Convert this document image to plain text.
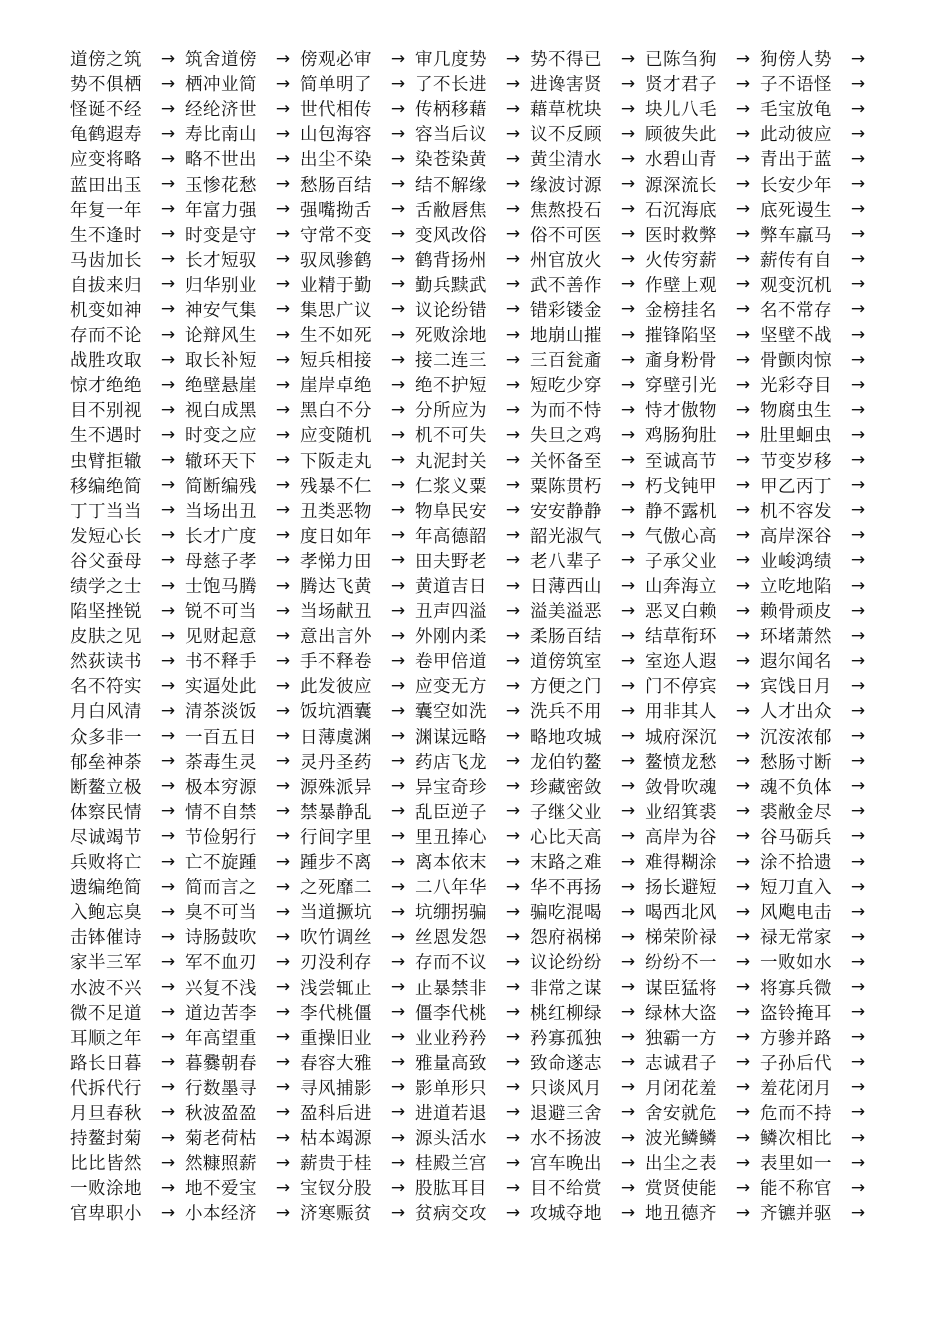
道傍之筑	→ 筑舍道傍	→ 傍观必审	→ 审几度势	→ 势不得已	→ 已陈刍狗	→ 狗傍人势	→
势不俱栖	→ 栖冲业简	→ 简单明了	→ 了不长进	→ 进谗害贤	→ 贤才君子	→ 子不语怪	→
怪诞不经	→ 经纶济世	→ 世代相传	→ 传柄移藉	→ 藉草枕块	→ 块儿八毛	→ 毛宝放龟	→
龟鹤遐寿	→ 寿比南山	→ 山包海容	→ 容当后议	→ 议不反顾	→ 顾彼失此	→ 此动彼应	→
应变将略	→ 略不世出	→ 出尘不染	→ 染苍染黄	→ 黄尘清水	→ 水碧山青	→ 青出于蓝	→
蓝田出玉	→ 玉惨花愁	→ 愁肠百结	→ 结不解缘	→ 缘波讨源	→ 源深流长	→ 长安少年	→
年复一年	→ 年富力强	→ 强嘴拗舌	→ 舌敝唇焦	→ 焦熬投石	→ 石沉海底	→ 底死谩生	→
生不逢时	→ 时变是守	→ 守常不变	→ 变风改俗	→ 俗不可医	→ 医时救弊	→ 弊车羸马	→
马齿加长	→ 长才短驭	→ 驭凤骖鹤	→ 鹤背扬州	→ 州官放火	→ 火传穷薪	→ 薪传有自	→
自拔来归	→ 归华别业	→ 业精于勤	→ 勤兵黩武	→ 武不善作	→ 作壁上观	→ 观变沉机	→
机变如神	→ 神安气集	→ 集思广议	→ 议论纷错	→ 错彩镂金	→ 金榜挂名	→ 名不常存	→
存而不论	→ 论辩风生	→ 生不如死	→ 死败涂地	→ 地崩山摧	→ 摧锋陷坚	→ 坚壁不战	→
战胜攻取	→ 取长补短	→ 短兵相接	→ 接二连三	→ 三百瓮齑	→ 齑身粉骨	→ 骨颤肉惊	→
惊才绝绝	→ 绝壁悬崖	→ 崖岸卓绝	→ 绝不护短	→ 短吃少穿	→ 穿壁引光	→ 光彩夺目	→
目不别视	→ 视白成黑	→ 黑白不分	→ 分所应为	→ 为而不恃	→ 恃才傲物	→ 物腐虫生	→
生不遇时	→ 时变之应	→ 应变随机	→ 机不可失	→ 失旦之鸡	→ 鸡肠狗肚	→ 肚里蛔虫	→
虫臂拒辙	→ 辙环天下	→ 下阪走丸	→ 丸泥封关	→ 关怀备至	→ 至诚高节	→ 节变岁移	→
移编绝简	→ 简断编残	→ 残暴不仁	→ 仁浆义粟	→ 粟陈贯朽	→ 朽戈钝甲	→ 甲乙丙丁	→
丁丁当当	→ 当场出丑	→ 丑类恶物	→ 物阜民安	→ 安安静静	→ 静不露机	→ 机不容发	→
发短心长	→ 长才广度	→ 度日如年	→ 年高德韶	→ 韶光淑气	→ 气傲心高	→ 高岸深谷	→
谷父蚕母	→ 母慈子孝	→ 孝悌力田	→ 田夫野老	→ 老八辈子	→ 子承父业	→ 业峻鸿绩	→
绩学之士	→ 士饱马腾	→ 腾达飞黄	→ 黄道吉日	→ 日薄西山	→ 山奔海立	→ 立吃地陷	→
陷坚挫锐	→ 锐不可当	→ 当场献丑	→ 丑声四溢	→ 溢美溢恶	→ 恶叉白赖	→ 赖骨顽皮	→
皮肤之见	→ 见财起意	→ 意出言外	→ 外刚内柔	→ 柔肠百结	→ 结草衔环	→ 环堵萧然	→
然荻读书	→ 书不释手	→ 手不释卷	→ 卷甲倍道	→ 道傍筑室	→ 室迩人遐	→ 遐尔闻名	→
名不符实	→ 实逼处此	→ 此发彼应	→ 应变无方	→ 方便之门	→ 门不停宾	→ 宾饯日月	→
月白风清	→ 清茶淡饭	→ 饭坑酒囊	→ 囊空如洗	→ 洗兵不用	→ 用非其人	→ 人才出众	→
众多非一	→ 一百五日	→ 日薄虞渊	→ 渊谋远略	→ 略地攻城	→ 城府深沉	→ 沉洝浓郁	→
郁垒神荼	→ 荼毒生灵	→ 灵丹圣药	→ 药店飞龙	→ 龙伯钓鳌	→ 鳌愤龙愁	→ 愁肠寸断	→
断鳌立极	→ 极本穷源	→ 源殊派异	→ 异宝奇珍	→ 珍藏密敛	→ 敛骨吹魂	→ 魂不负体	→
体察民情	→ 情不自禁	→ 禁暴静乱	→ 乱臣逆子	→ 子继父业	→ 业绍箕裘	→ 裘敝金尽	→
尽诚竭节	→ 节俭躬行	→ 行间字里	→ 里丑捧心	→ 心比天高	→ 高岸为谷	→ 谷马砺兵	→
兵败将亡	→ 亡不旋踵	→ 踵步不离	→ 离本依末	→ 末路之难	→ 难得糊涂	→ 涂不拾遗	→
遗编绝简	→ 简而言之	→ 之死靡二	→ 二八年华	→ 华不再扬	→ 扬长避短	→ 短刀直入	→
入鲍忘臭	→ 臭不可当	→ 当道撅坑	→ 坑绷拐骗	→ 骗吃混喝	→ 喝西北风	→ 风飑电击	→
击钵催诗	→ 诗肠鼓吹	→ 吹竹调丝	→ 丝恩发怨	→ 怨府祸梯	→ 梯荣阶禄	→ 禄无常家	→
家半三军	→ 军不血刃	→ 刃没利存	→ 存而不议	→ 议论纷纷	→ 纷纷不一	→ 一败如水	→
水波不兴	→ 兴复不浅	→ 浅尝辄止	→ 止暴禁非	→ 非常之谋	→ 谋臣猛将	→ 将寡兵微	→
微不足道	→ 道边苦李	→ 李代桃僵	→ 僵李代桃	→ 桃红柳绿	→ 绿林大盗	→ 盗铃掩耳	→
耳顺之年	→ 年高望重	→ 重操旧业	→ 业业矜矜	→ 矜寡孤独	→ 独霸一方	→ 方骖并路	→
路长日暮	→ 暮爨朝春	→ 春容大雅	→ 雅量高致	→ 致命遂志	→ 志诚君子	→ 子孙后代	→
代拆代行	→ 行数墨寻	→ 寻风捕影	→ 影单形只	→ 只谈风月	→ 月闭花羞	→ 羞花闭月	→
月旦春秋	→ 秋波盈盈	→ 盈科后进	→ 进道若退	→ 退避三舍	→ 舍安就危	→ 危而不持	→
持鳌封菊	→ 菊老荷枯	→ 枯本竭源	→ 源头活水	→ 水不扬波	→ 波光鳞鳞	→ 鳞次相比	→
比比皆然	→ 然糠照薪	→ 薪贵于桂	→ 桂殿兰宫	→ 宫车晚出	→ 出尘之表	→ 表里如一	→
一败涂地	→ 地不爱宝	→ 宝钗分股	→ 股肱耳目	→ 目不给赏	→ 赏贤使能	→ 能不称官	→
官卑职小	→ 小本经济	→ 济寒赈贫	→ 贫病交攻	→ 攻城夺地	→ 地丑德齐	→ 齐镳并驱	→
